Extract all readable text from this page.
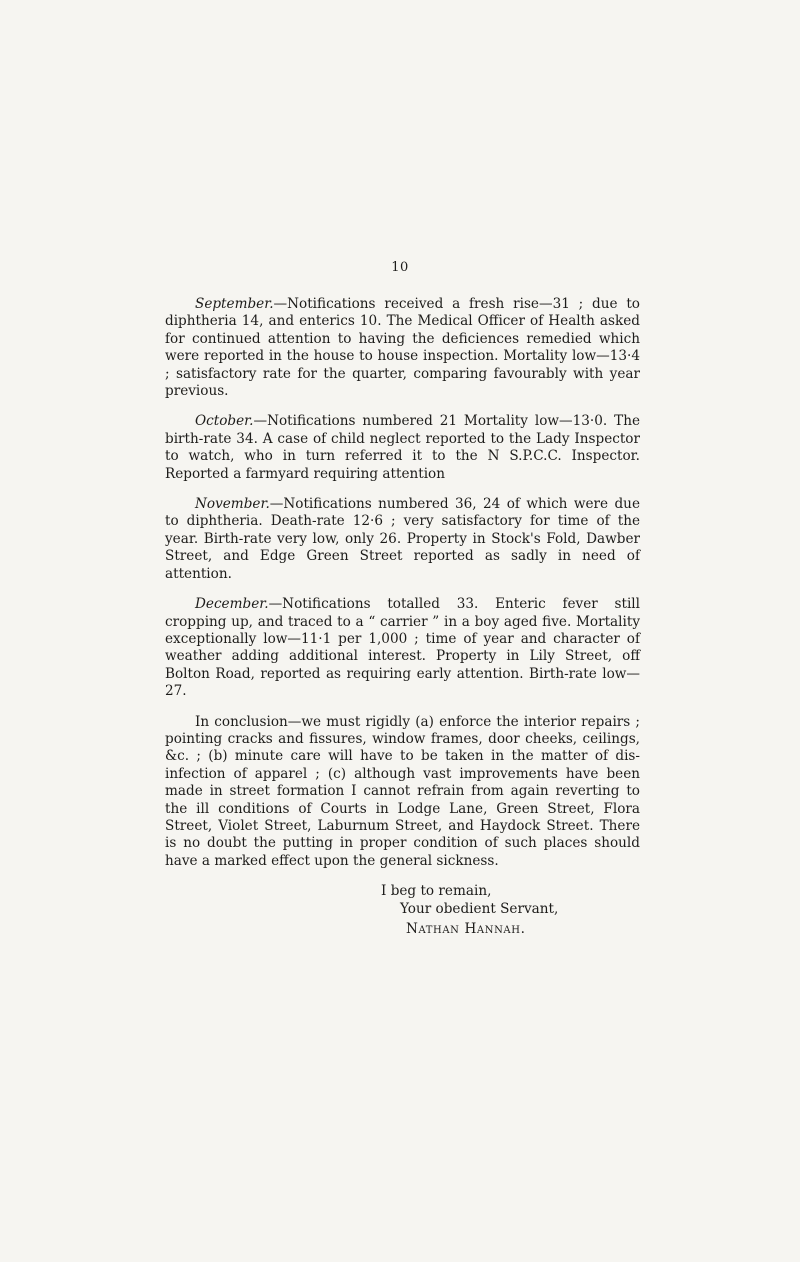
10

September.—Notifications received a fresh rise—31 ; due to diphtheria 14, and enterics 10. The Medical Officer of Health asked for continued attention to having the deficiences remedied which were reported in the house to house inspection. Mortality low—13·4 ; satisfactory rate for the quarter, comparing favourably with year previous.

October.—Notifications numbered 21 Mortality low—13·0. The birth-rate 34. A case of child neglect reported to the Lady Inspector to watch, who in turn referred it to the N S.P.C.C. Inspector. Reported a farmyard requiring attention

November.—Notifications numbered 36, 24 of which were due to diphtheria. Death-rate 12·6 ; very satisfactory for time of the year. Birth-rate very low, only 26. Property in Stock's Fold, Dawber Street, and Edge Green Street reported as sadly in need of attention.

December.—Notifications totalled 33. Enteric fever still cropping up, and traced to a “ carrier ” in a boy aged five. Mortality exceptionally low—11·1 per 1,000 ; time of year and character of weather adding additional interest. Property in Lily Street, off Bolton Road, reported as requiring early attention. Birth-rate low—27.

In conclusion—we must rigidly (a) enforce the interior repairs ; pointing cracks and fissures, window frames, door cheeks, ceilings, &c. ; (b) minute care will have to be taken in the matter of dis-infection of apparel ; (c) although vast improvements have been made in street formation I cannot refrain from again reverting to the ill conditions of Courts in Lodge Lane, Green Street, Flora Street, Violet Street, Laburnum Street, and Haydock Street. There is no doubt the putting in proper condition of such places should have a marked effect upon the general sickness.

I beg to remain,
Your obedient Servant,
Nathan Hannah.
